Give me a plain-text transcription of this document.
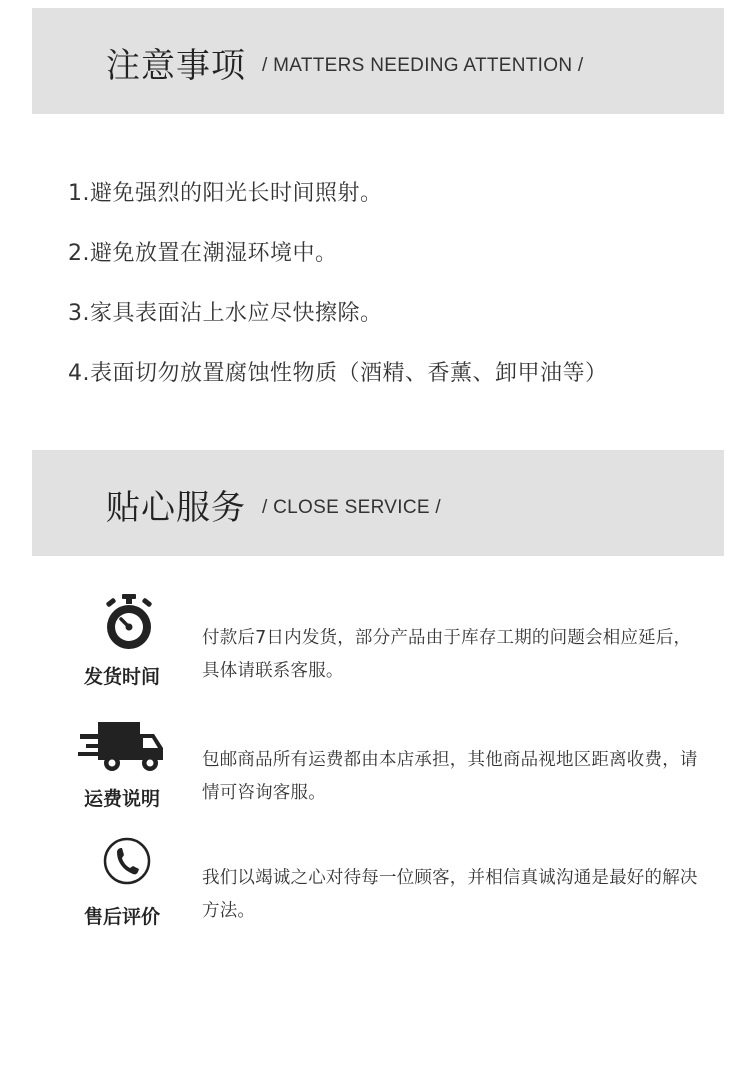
注意事项 / MATTERS NEEDING ATTENTION /
1.避免强烈的阳光长时间照射。
2.避免放置在潮湿环境中。
3.家具表面沾上水应尽快擦除。
4.表面切勿放置腐蚀性物质（酒精、香薰、卸甲油等）
贴心服务 / CLOSE SERVICE /
发货时间
付款后7日内发货，部分产品由于库存工期的问题会相应延后，具体请联系客服。
运费说明
包邮商品所有运费都由本店承担，其他商品视地区距离收费，请情可咨询客服。
售后评价
我们以竭诚之心对待每一位顾客，并相信真诚沟通是最好的解决方法。
